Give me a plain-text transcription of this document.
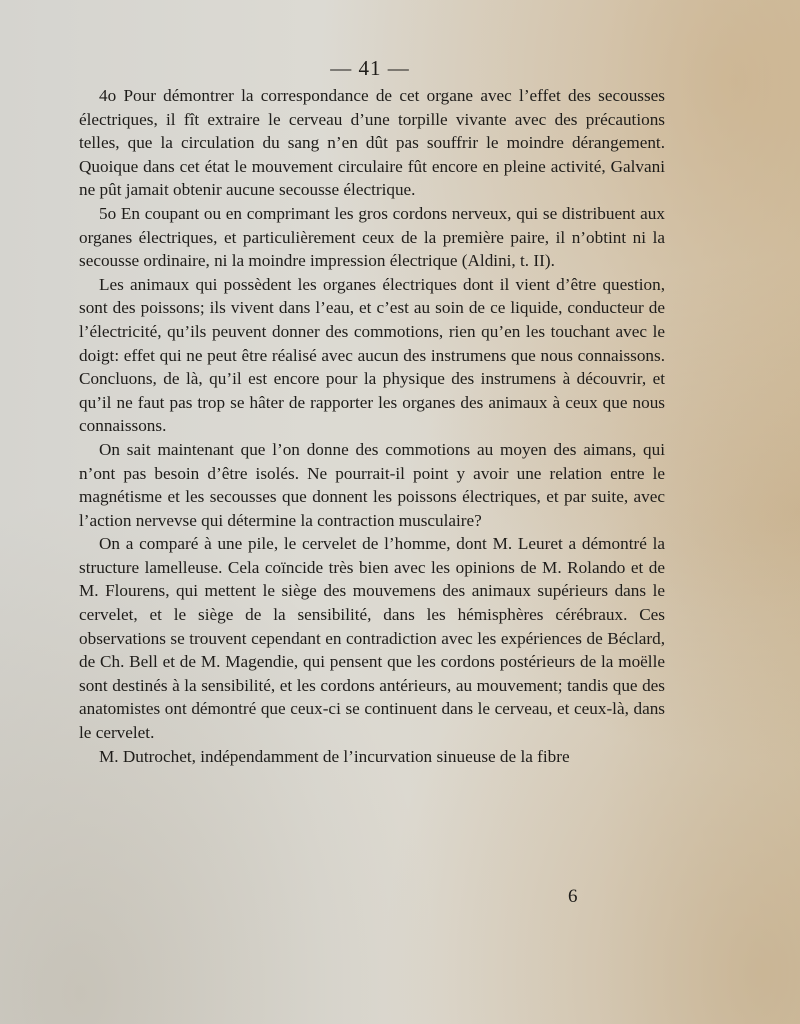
— 41 —

4o Pour démontrer la correspondance de cet organe avec l’effet des secousses électriques, il fît extraire le cerveau d’une torpille vivante avec des précautions telles, que la circulation du sang n’en dût pas souffrir le moindre dérangement. Quoique dans cet état le mouvement circulaire fût encore en pleine activité, Galvani ne pût jamait obtenir aucune secousse électrique.

5o En coupant ou en comprimant les gros cordons nerveux, qui se distribuent aux organes électriques, et particulièrement ceux de la première paire, il n’obtint ni la secousse ordinaire, ni la moindre impression électrique (Aldini, t. II).

Les animaux qui possèdent les organes électriques dont il vient d’être question, sont des poissons; ils vivent dans l’eau, et c’est au soin de ce liquide, conducteur de l’électricité, qu’ils peuvent donner des commotions, rien qu’en les touchant avec le doigt: effet qui ne peut être réalisé avec aucun des instrumens que nous connaissons. Concluons, de là, qu’il est encore pour la physique des instrumens à découvrir, et qu’il ne faut pas trop se hâter de rapporter les organes des animaux à ceux que nous connaissons.

On sait maintenant que l’on donne des commotions au moyen des aimans, qui n’ont pas besoin d’être isolés. Ne pourrait-il point y avoir une relation entre le magnétisme et les secousses que donnent les poissons électriques, et par suite, avec l’action nervevse qui détermine la contraction musculaire?

On a comparé à une pile, le cervelet de l’homme, dont M. Leuret a démontré la structure lamelleuse. Cela coïncide très bien avec les opinions de M. Rolando et de M. Flourens, qui mettent le siège des mouvemens des animaux supérieurs dans le cervelet, et le siège de la sensibilité, dans les hémisphères cérébraux. Ces observations se trouvent cependant en contradiction avec les expériences de Béclard, de Ch. Bell et de M. Magendie, qui pensent que les cordons postérieurs de la moëlle sont destinés à la sensibilité, et les cordons antérieurs, au mouvement; tandis que des anatomistes ont démontré que ceux-ci se continuent dans le cerveau, et ceux-là, dans le cervelet.

M. Dutrochet, indépendamment de l’incurvation sinueuse de la fibre

6
